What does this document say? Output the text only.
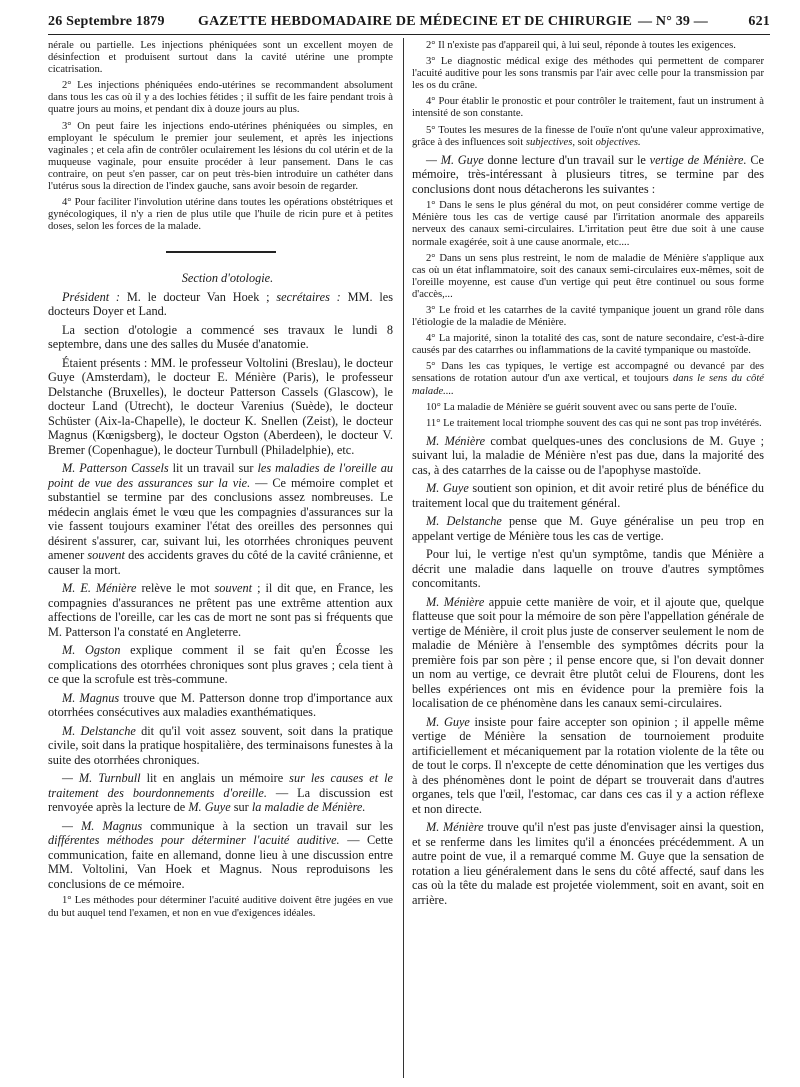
26 Septembre 1879 GAZETTE HEBDOMADAIRE DE MÉDECINE ET DE CHIRURGIE — N° 39 —	621

nérale ou partielle. Les injections phéniquées sont un excellent moyen de désinfection et produisent surtout dans la cavité utérine une prompte cicatrisation.

2° Les injections phéniquées endo-utérines se recommandent absolument dans tous les cas où il y a des lochies fétides ; il suffit de les faire pendant trois à quatre jours au moins, et pendant dix à douze jours au plus.

3° On peut faire les injections endo-utérines phéniquées ou simples, en employant le spéculum le premier jour seulement, et après les injections vaginales ; et cela afin de contrôler oculairement les lésions du col utérin et de la muqueuse vaginale, pour ensuite procéder à leur pansement. Dans le cas contraire, on peut s'en passer, car on peut très-bien introduire un cathéter dans l'utérus sous la direction de l'index gauche, sans avoir besoin de regarder.

4° Pour faciliter l'involution utérine dans toutes les opérations obstétriques et gynécologiques, il n'y a rien de plus utile que l'huile de ricin pure et à petites doses, selon les forces de la malade.

Section d'otologie.

Président : M. le docteur Van Hoek ; secrétaires : MM. les docteurs Doyer et Land.

La section d'otologie a commencé ses travaux le lundi 8 septembre, dans une des salles du Musée d'anatomie.

Étaient présents : MM. le professeur Voltolini (Breslau), le docteur Guye (Amsterdam), le docteur E. Ménière (Paris), le professeur Delstanche (Bruxelles), le docteur Patterson Cassels (Glascow), le docteur Land (Utrecht), le docteur Varenius (Suède), le docteur Schüster (Aix-la-Chapelle), le docteur K. Snellen (Zeist), le docteur Magnus (Kœnigsberg), le docteur Ogston (Aberdeen), le docteur V. Bremer (Copenhague), le docteur Turnbull (Philadelphie), etc.

M. Patterson Cassels lit un travail sur les maladies de l'oreille au point de vue des assurances sur la vie. — Ce mémoire complet et substantiel se termine par des conclusions assez nombreuses. Le médecin anglais émet le vœu que les compagnies d'assurances sur la vie fassent toujours examiner l'état des oreilles des personnes qui désirent s'assurer, car, suivant lui, les otorrhées chroniques peuvent amener souvent des accidents graves du côté de la cavité crânienne, et causer la mort.

M. E. Ménière relève le mot souvent ; il dit que, en France, les compagnies d'assurances ne prêtent pas une extrême attention aux affections de l'oreille, car les cas de mort ne sont pas si fréquents que M. Patterson l'a constaté en Angleterre.

M. Ogston explique comment il se fait qu'en Écosse les complications des otorrhées chroniques sont plus graves ; cela tient à ce que la scrofule est très-commune.

M. Magnus trouve que M. Patterson donne trop d'importance aux otorrhées consécutives aux maladies exanthématiques.

M. Delstanche dit qu'il voit assez souvent, soit dans la pratique civile, soit dans la pratique hospitalière, des terminaisons funestes à la suite des otorrhées chroniques.

— M. Turnbull lit en anglais un mémoire sur les causes et le traitement des bourdonnements d'oreille. — La discussion est renvoyée après la lecture de M. Guye sur la maladie de Ménière.

— M. Magnus communique à la section un travail sur les différentes méthodes pour déterminer l'acuité auditive. — Cette communication, faite en allemand, donne lieu à une discussion entre MM. Voltolini, Van Hoek et Magnus. Nous reproduisons les conclusions de ce mémoire.

1° Les méthodes pour déterminer l'acuité auditive doivent être jugées en vue du but auquel tend l'examen, et non en vue d'exigences idéales.

2° Il n'existe pas d'appareil qui, à lui seul, réponde à toutes les exigences.

3° Le diagnostic médical exige des méthodes qui permettent de comparer l'acuité auditive pour les sons transmis par l'air avec celle pour la transmission par les os du crâne.

4° Pour établir le pronostic et pour contrôler le traitement, faut un instrument à intensité de son constante.

5° Toutes les mesures de la finesse de l'ouïe n'ont qu'une valeur approximative, grâce à des influences soit subjectives, soit objectives.

— M. Guye donne lecture d'un travail sur le vertige de Ménière. Ce mémoire, très-intéressant à plusieurs titres, se termine par des conclusions dont nous détacherons les suivantes :

1° Dans le sens le plus général du mot, on peut considérer comme vertige de Ménière tous les cas de vertige causé par l'irritation anormale des appareils nerveux des canaux semi-circulaires. L'irritation peut être due soit à une cause normale exagérée, soit à une cause anormale, etc....

2° Dans un sens plus restreint, le nom de maladie de Ménière s'applique aux cas où un état inflammatoire, soit des canaux semi-circulaires eux-mêmes, soit de l'oreille moyenne, est cause d'un vertige qui peut être continuel ou sous forme d'accès,...

3° Le froid et les catarrhes de la cavité tympanique jouent un grand rôle dans l'étiologie de la maladie de Ménière.

4° La majorité, sinon la totalité des cas, sont de nature secondaire, c'est-à-dire causés par des catarrhes ou inflammations de la cavité tympanique ou mastoïde.

5° Dans les cas typiques, le vertige est accompagné ou devancé par des sensations de rotation autour d'un axe vertical, et toujours dans le sens du côté malade....

10° La maladie de Ménière se guérit souvent avec ou sans perte de l'ouïe.

11° Le traitement local triomphe souvent des cas qui ne sont pas trop invétérés.

M. Ménière combat quelques-unes des conclusions de M. Guye ; suivant lui, la maladie de Ménière n'est pas due, dans la majorité des cas, à des catarrhes de la caisse ou de l'apophyse mastoïde.

M. Guye soutient son opinion, et dit avoir retiré plus de bénéfice du traitement local que du traitement général.

M. Delstanche pense que M. Guye généralise un peu trop en appelant vertige de Ménière tous les cas de vertige.

Pour lui, le vertige n'est qu'un symptôme, tandis que Ménière a décrit une maladie dans laquelle on trouve d'autres symptômes concomitants.

M. Ménière appuie cette manière de voir, et il ajoute que, quelque flatteuse que soit pour la mémoire de son père l'appellation générale de vertige de Ménière, il croit plus juste de conserver seulement le nom de maladie de Ménière à l'ensemble des symptômes décrits pour la première fois par son père ; il pense encore que, si l'on devait donner un nom au vertige, ce devrait être plutôt celui de Flourens, dont les belles expériences ont mis en évidence pour la première fois la localisation de ce phénomène dans les canaux semi-circulaires.

M. Guye insiste pour faire accepter son opinion ; il appelle même vertige de Ménière la sensation de tournoiement produite artificiellement et mécaniquement par la rotation violente de la tête ou de tout le corps. Il n'excepte de cette dénomination que les vertiges dus à des phénomènes dont le point de départ se trouverait dans d'autres organes, tels que l'œil, l'estomac, car dans ces cas il y a action réflexe et non directe.

M. Ménière trouve qu'il n'est pas juste d'envisager ainsi la question, et se renferme dans les limites qu'il a énoncées précédemment. A un autre point de vue, il a remarqué comme M. Guye que la sensation de rotation a lieu généralement dans le sens du côté affecté, sauf dans les cas où la tête du malade est projetée violemment, soit en avant, soit en arrière.
